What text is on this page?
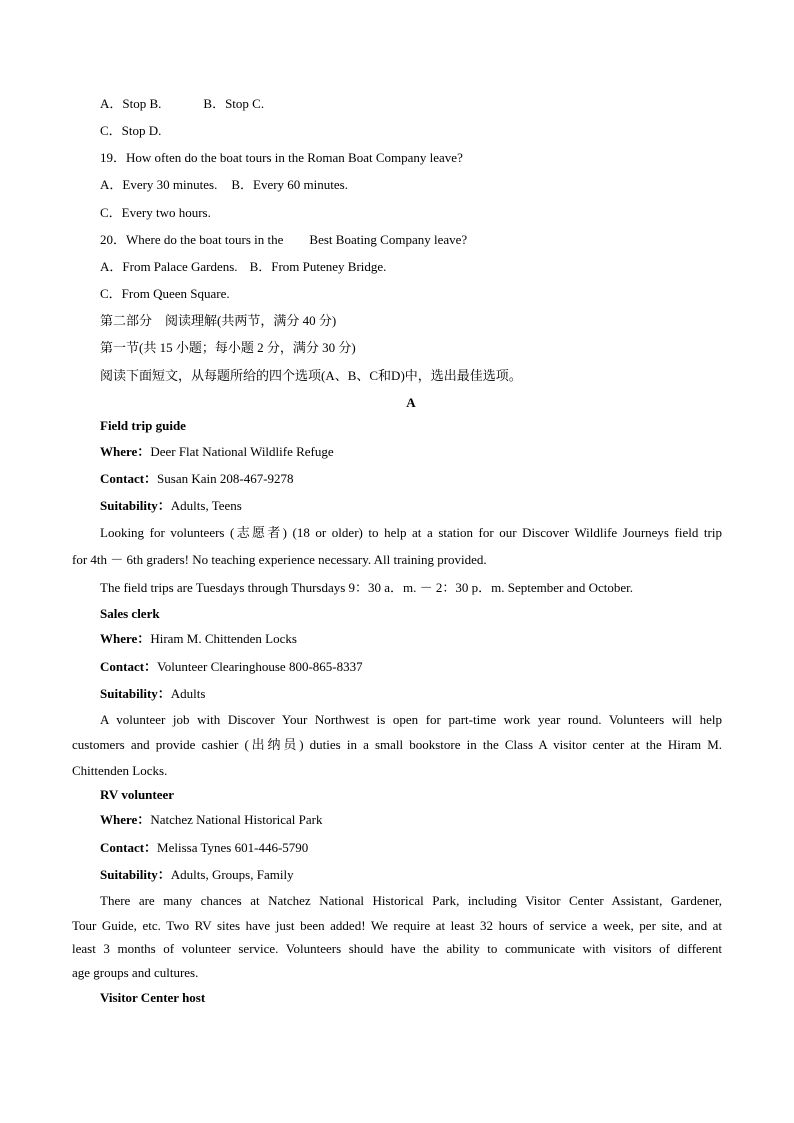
A．Stop B.	B．Stop C.
C．Stop D.
19．How often do the boat tours in the Roman Boat Company leave?
A．Every 30 minutes. B．Every 60 minutes.
C．Every two hours.
20．Where do the boat tours in the Best Boating Company leave?
A．From Palace Gardens. B．From Puteney Bridge.
C．From Queen Square.
第二部分　阅读理解(共两节，满分 40 分)
第一节(共 15 小题；每小题 2 分，满分 30 分)
阅读下面短文，从每题所给的四个选项(A、B、C和D)中，选出最佳选项。
A
Field trip guide
Where：Deer Flat National Wildlife Refuge
Contact：Susan Kain 208-467-9278
Suitability：Adults, Teens
Looking for volunteers (志愿者) (18 or older) to help at a station for our Discover Wildlife Journeys field trip
for 4th － 6th graders! No teaching experience necessary. All training provided.
The field trips are Tuesdays through Thursdays 9：30 a．m. － 2：30 p．m. September and October.
Sales clerk
Where：Hiram M. Chittenden Locks
Contact：Volunteer Clearinghouse 800-865-8337
Suitability：Adults
A volunteer job with Discover Your Northwest is open for part-time work year round. Volunteers will help
customers and provide cashier (出纳员) duties in a small bookstore in the Class A visitor center at the Hiram M.
Chittenden Locks.
RV volunteer
Where：Natchez National Historical Park
Contact：Melissa Tynes 601-446-5790
Suitability：Adults, Groups, Family
There are many chances at Natchez National Historical Park, including Visitor Center Assistant, Gardener,
Tour Guide, etc. Two RV sites have just been added! We require at least 32 hours of service a week, per site, and at
least 3 months of volunteer service. Volunteers should have the ability to communicate with visitors of different
age groups and cultures.
Visitor Center host
